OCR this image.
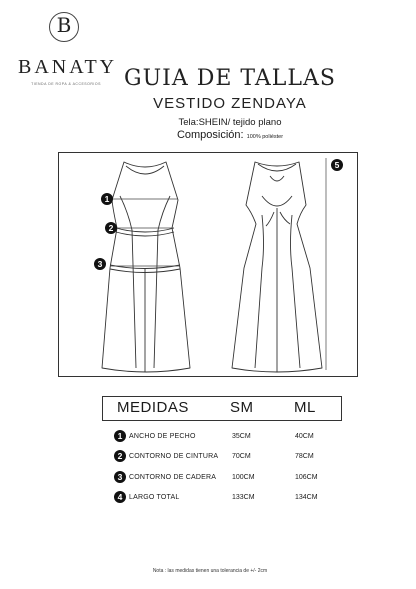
B
BANATY
TIENDA DE ROPA & ACCESORIOS	GUIA DE TALLAS
VESTIDO ZENDAYA
Tela:SHEIN/ tejido plano
Composición: 100% poliéster
1
2
3
5
MEDIDAS	SM	ML
1 ANCHO DE PECHO	35CM	40CM
2 CONTORNO DE CINTURA 70CM	78CM
3 CONTORNO DE CADERA 100CM	106CM
4 LARGO TOTAL	133CM	134CM
Nota : las medidas tienen una tolerancia de +/- 2cm
